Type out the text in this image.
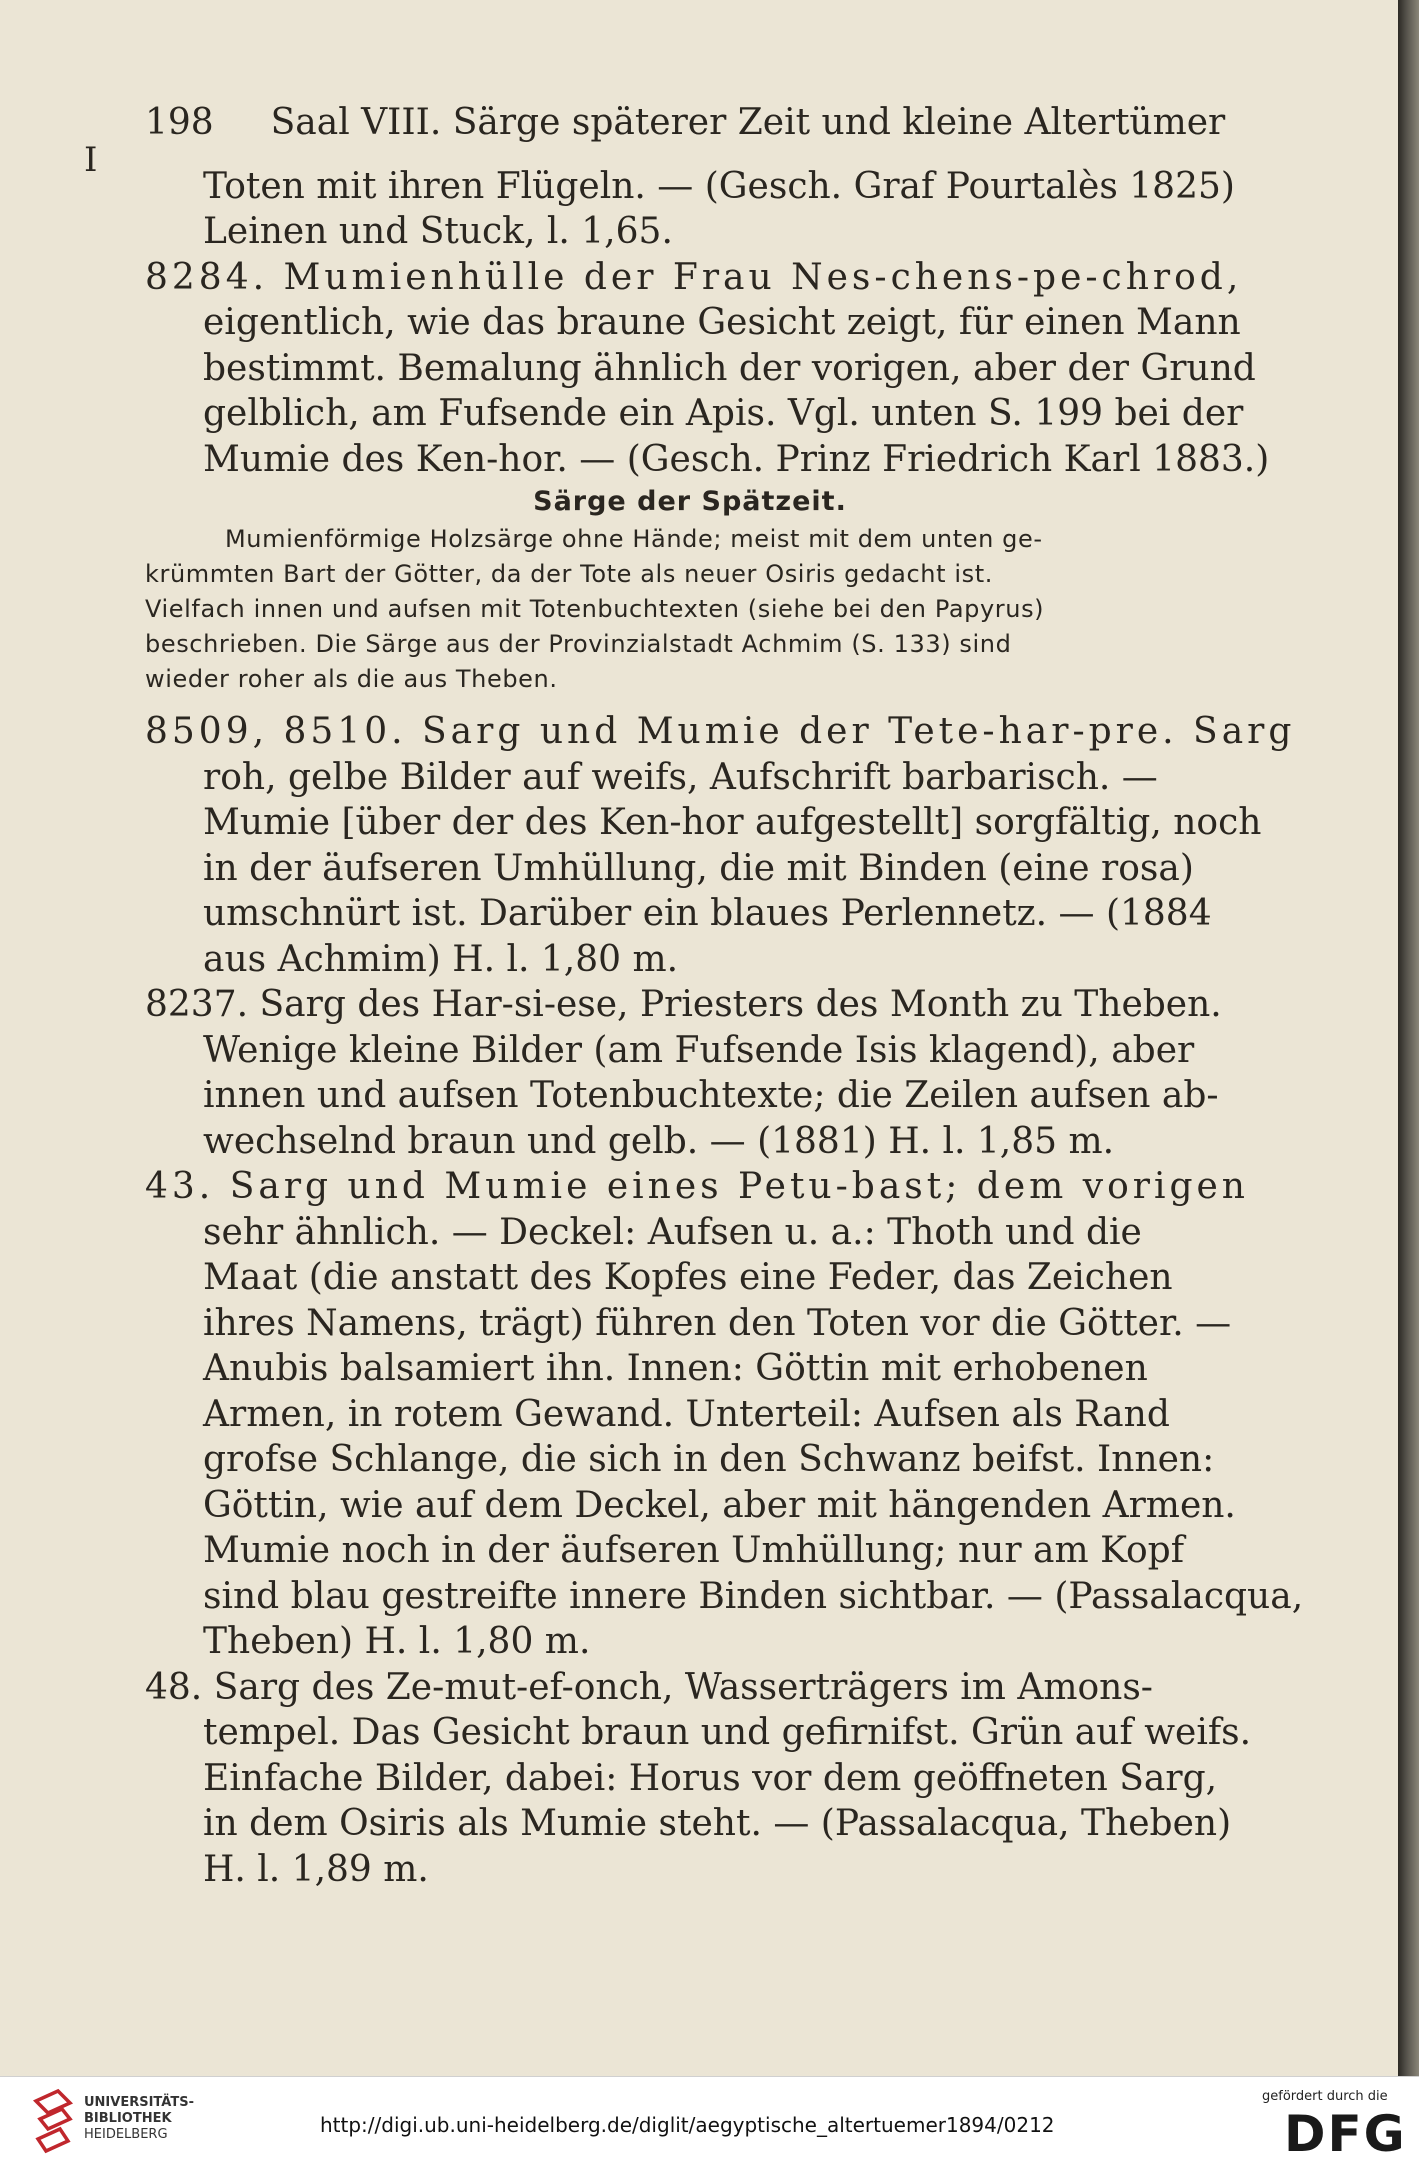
I
198 Saal VIII. Särge späterer Zeit und kleine Altertümer
Toten mit ihren Flügeln. — (Gesch. Graf Pourtalès 1825)
Leinen und Stuck, l. 1,65.
8284. Mumienhülle der Frau Nes-chens-pe-chrod,
eigentlich, wie das braune Gesicht zeigt, für einen Mann
bestimmt. Bemalung ähnlich der vorigen, aber der Grund
gelblich, am Fufsende ein Apis. Vgl. unten S. 199 bei der
Mumie des Ken-hor. — (Gesch. Prinz Friedrich Karl 1883.)
Särge der Spätzeit.
Mumienförmige Holzsärge ohne Hände; meist mit dem unten ge-
krümmten Bart der Götter, da der Tote als neuer Osiris gedacht ist.
Vielfach innen und aufsen mit Totenbuchtexten (siehe bei den Papyrus)
beschrieben. Die Särge aus der Provinzialstadt Achmim (S. 133) sind
wieder roher als die aus Theben.
8509, 8510. Sarg und Mumie der Tete-har-pre. Sarg
roh, gelbe Bilder auf weifs, Aufschrift barbarisch. —
Mumie [über der des Ken-hor aufgestellt] sorgfältig, noch
in der äufseren Umhüllung, die mit Binden (eine rosa)
umschnürt ist. Darüber ein blaues Perlennetz. — (1884
aus Achmim) H. l. 1,80 m.
8237. Sarg des Har-si-ese, Priesters des Month zu Theben.
Wenige kleine Bilder (am Fufsende Isis klagend), aber
innen und aufsen Totenbuchtexte; die Zeilen aufsen ab-
wechselnd braun und gelb. — (1881) H. l. 1,85 m.
43. Sarg und Mumie eines Petu-bast; dem vorigen
sehr ähnlich. — Deckel: Aufsen u. a.: Thoth und die
Maat (die anstatt des Kopfes eine Feder, das Zeichen
ihres Namens, trägt) führen den Toten vor die Götter. —
Anubis balsamiert ihn. Innen: Göttin mit erhobenen
Armen, in rotem Gewand. Unterteil: Aufsen als Rand
grofse Schlange, die sich in den Schwanz beifst. Innen:
Göttin, wie auf dem Deckel, aber mit hängenden Armen.
Mumie noch in der äufseren Umhüllung; nur am Kopf
sind blau gestreifte innere Binden sichtbar. — (Passalacqua,
Theben) H. l. 1,80 m.
48. Sarg des Ze-mut-ef-onch, Wasserträgers im Amons-
tempel. Das Gesicht braun und gefirnifst. Grün auf weifs.
Einfache Bilder, dabei: Horus vor dem geöffneten Sarg,
in dem Osiris als Mumie steht. — (Passalacqua, Theben)
H. l. 1,89 m.
UNIVERSITÄTS-
BIBLIOTHEK
HEIDELBERG	http://digi.ub.uni-heidelberg.de/diglit/aegyptische_altertuemer1894/0212
gefördert durch die
DFG
